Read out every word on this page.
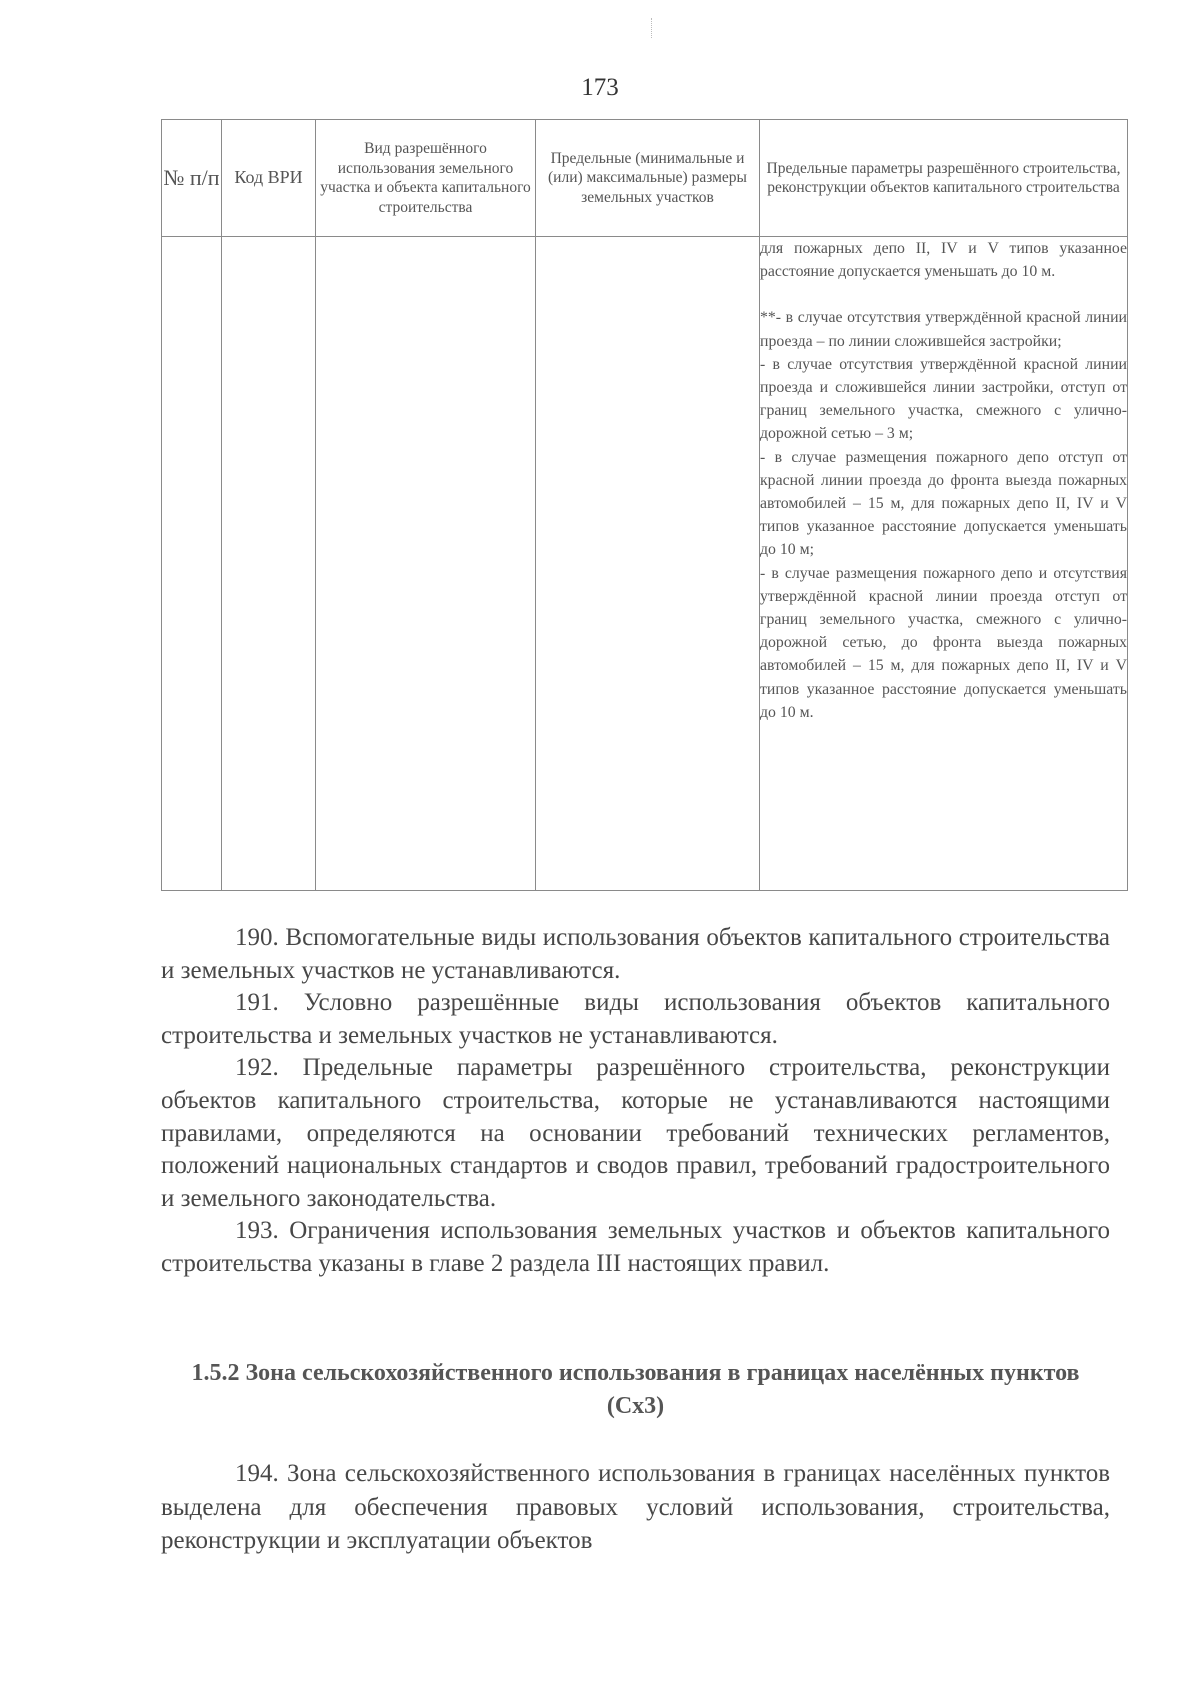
173
№ п/п	Код ВРИ	Вид разрешённого использования земельного участка и объекта капитального строительства	Предельные (минимальные и (или) максимальные) размеры земельных участков	Предельные параметры разрешённого строительства, реконструкции объектов капитального строительства

				для пожарных депо II, IV и V типов указанное расстояние допускается уменьшать до 10 м.

**- в случае отсутствия утверждённой красной линии проезда – по линии сложившейся застройки;

- в случае отсутствия утверждённой красной линии проезда и сложившейся линии застройки, отступ от границ земельного участка, смежного с улично-дорожной сетью – 3 м;

- в случае размещения пожарного депо отступ от красной линии проезда до фронта выезда пожарных автомобилей – 15 м, для пожарных депо II, IV и V типов указанное расстояние допускается уменьшать до 10 м;

- в случае размещения пожарного депо и отсутствия утверждённой красной линии проезда отступ от границ земельного участка, смежного с улично-дорожной сетью, до фронта выезда пожарных автомобилей – 15 м, для пожарных депо II, IV и V типов указанное расстояние допускается уменьшать до 10 м.

190. Вспомогательные виды использования объектов капитального строительства и земельных участков не устанавливаются.

191. Условно разрешённые виды использования объектов капитального строительства и земельных участков не устанавливаются.

192. Предельные параметры разрешённого строительства, реконструкции объектов капитального строительства, которые не устанавливаются настоящими правилами, определяются на основании требований технических регламентов, положений национальных стандартов и сводов правил, требований градостроительного и земельного законодательства.

193. Ограничения использования земельных участков и объектов капитального строительства указаны в главе 2 раздела III настоящих правил.

1.5.2 Зона сельскохозяйственного использования в границах населённых пунктов (Сх3)

194. Зона сельскохозяйственного использования в границах населённых пунктов выделена для обеспечения правовых условий использования, строительства, реконструкции и эксплуатации объектов
